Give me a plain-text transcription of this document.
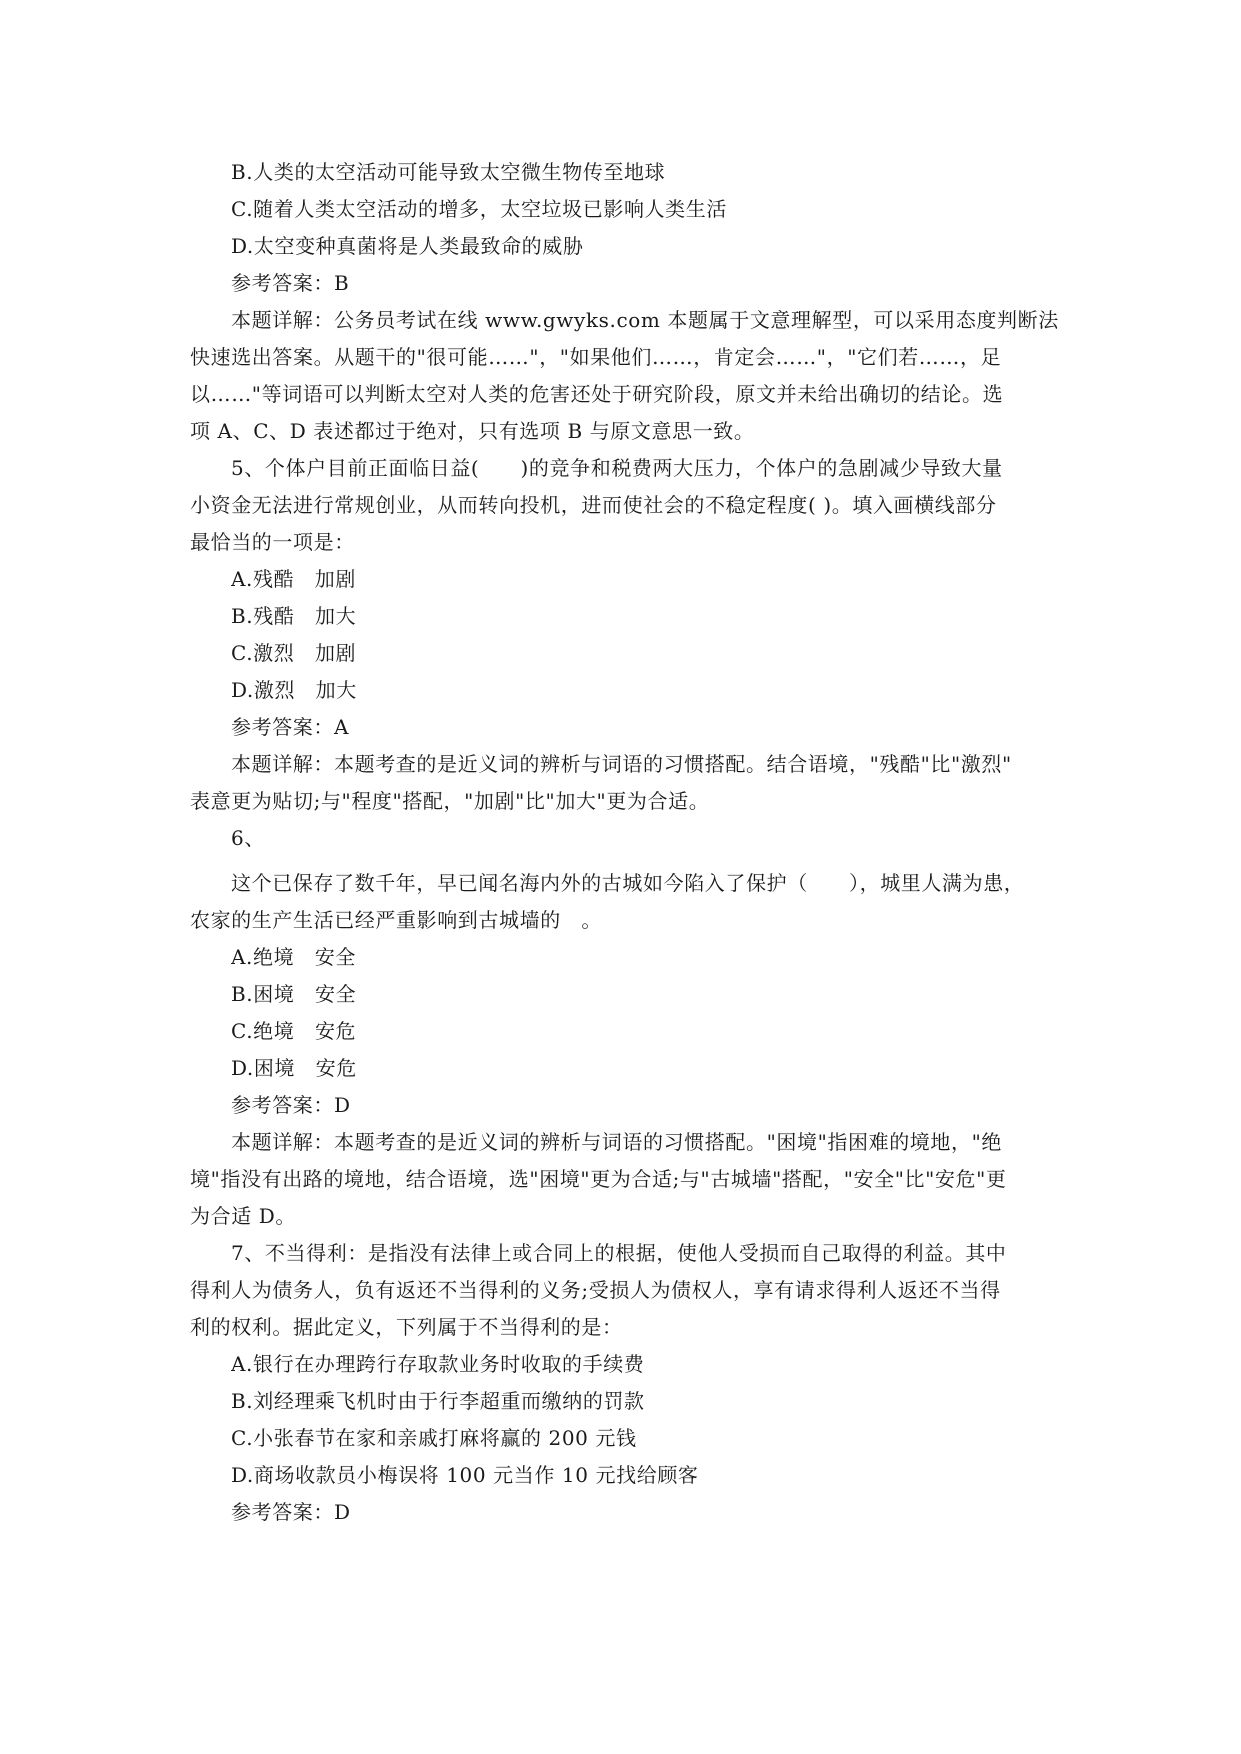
B.人类的太空活动可能导致太空微生物传至地球
C.随着人类太空活动的增多，太空垃圾已影响人类生活
D.太空变种真菌将是人类最致命的威胁
参考答案：B
本题详解：公务员考试在线 www.gwyks.com 本题属于文意理解型，可以采用态度判断法
快速选出答案。从题干的"很可能……"，"如果他们……，肯定会……"，"它们若……，足
以……"等词语可以判断太空对人类的危害还处于研究阶段，原文并未给出确切的结论。选
项 A、C、D 表述都过于绝对，只有选项 B 与原文意思一致。
5、个体户目前正面临日益(　　)的竞争和税费两大压力，个体户的急剧减少导致大量
小资金无法进行常规创业，从而转向投机，进而使社会的不稳定程度( )。填入画横线部分
最恰当的一项是：
A.残酷　加剧
B.残酷　加大
C.激烈　加剧
D.激烈　加大
参考答案：A
本题详解：本题考查的是近义词的辨析与词语的习惯搭配。结合语境，"残酷"比"激烈"
表意更为贴切;与"程度"搭配，"加剧"比"加大"更为合适。
6、
这个已保存了数千年，早已闻名海内外的古城如今陷入了保护（　　），城里人满为患，
农家的生产生活已经严重影响到古城墙的　。
A.绝境　安全
B.困境　安全
C.绝境　安危
D.困境　安危
参考答案：D
本题详解：本题考查的是近义词的辨析与词语的习惯搭配。"困境"指困难的境地，"绝
境"指没有出路的境地，结合语境，选"困境"更为合适;与"古城墙"搭配，"安全"比"安危"更
为合适 D。
7、不当得利：是指没有法律上或合同上的根据，使他人受损而自己取得的利益。其中
得利人为债务人，负有返还不当得利的义务;受损人为债权人，享有请求得利人返还不当得
利的权利。据此定义，下列属于不当得利的是：
A.银行在办理跨行存取款业务时收取的手续费
B.刘经理乘飞机时由于行李超重而缴纳的罚款
C.小张春节在家和亲戚打麻将赢的 200 元钱
D.商场收款员小梅误将 100 元当作 10 元找给顾客
参考答案：D
